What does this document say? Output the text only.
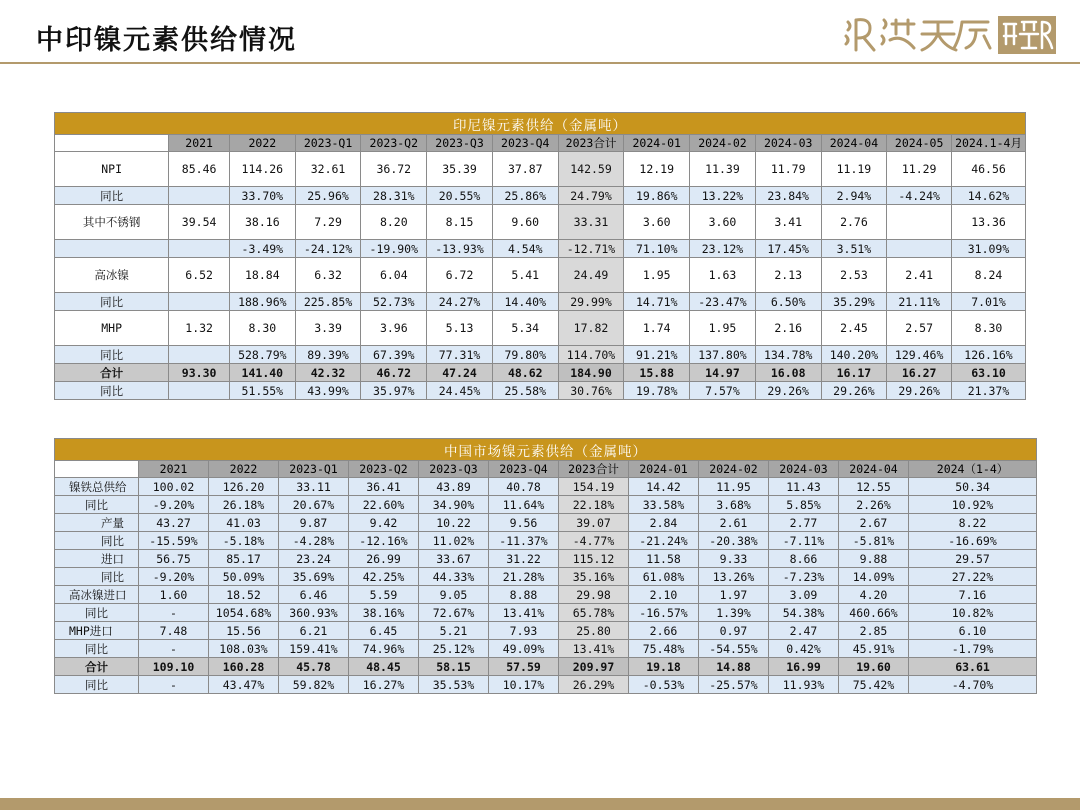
中印镍元素供给情况
印尼镍元素供给（金属吨）													
	2021	2022	2023-Q1	2023-Q2	2023-Q3	2023-Q4	2023合计	2024-01	2024-02	2024-03	2024-04	2024-05	2024.1-4月
NPI	85.46	114.26	32.61	36.72	35.39	37.87	142.59	12.19	11.39	11.79	11.19	11.29	46.56
同比		33.70%	25.96%	28.31%	20.55%	25.86%	24.79%	19.86%	13.22%	23.84%	2.94%	-4.24%	14.62%
其中不锈钢	39.54	38.16	7.29	8.20	8.15	9.60	33.31	3.60	3.60	3.41	2.76		13.36
		-3.49%	-24.12%	-19.90%	-13.93%	4.54%	-12.71%	71.10%	23.12%	17.45%	3.51%		31.09%
高冰镍	6.52	18.84	6.32	6.04	6.72	5.41	24.49	1.95	1.63	2.13	2.53	2.41	8.24
同比		188.96%	225.85%	52.73%	24.27%	14.40%	29.99%	14.71%	-23.47%	6.50%	35.29%	21.11%	7.01%
MHP	1.32	8.30	3.39	3.96	5.13	5.34	17.82	1.74	1.95	2.16	2.45	2.57	8.30
同比		528.79%	89.39%	67.39%	77.31%	79.80%	114.70%	91.21%	137.80%	134.78%	140.20%	129.46%	126.16%
合计	93.30	141.40	42.32	46.72	47.24	48.62	184.90	15.88	14.97	16.08	16.17	16.27	63.10
同比		51.55%	43.99%	35.97%	24.45%	25.58%	30.76%	19.78%	7.57%	29.26%	29.26%	29.26%	21.37%
中国市场镍元素供给（金属吨）												
	2021	2022	2023-Q1	2023-Q2	2023-Q3	2023-Q4	2023合计	2024-01	2024-02	2024-03	2024-04	2024（1-4）
镍铁总供给	100.02	126.20	33.11	36.41	43.89	40.78	154.19	14.42	11.95	11.43	12.55	50.34
同比	-9.20%	26.18%	20.67%	22.60%	34.90%	11.64%	22.18%	33.58%	3.68%	5.85%	2.26%	10.92%
产量	43.27	41.03	9.87	9.42	10.22	9.56	39.07	2.84	2.61	2.77	2.67	8.22
同比	-15.59%	-5.18%	-4.28%	-12.16%	11.02%	-11.37%	-4.77%	-21.24%	-20.38%	-7.11%	-5.81%	-16.69%
进口	56.75	85.17	23.24	26.99	33.67	31.22	115.12	11.58	9.33	8.66	9.88	29.57
同比	-9.20%	50.09%	35.69%	42.25%	44.33%	21.28%	35.16%	61.08%	13.26%	-7.23%	14.09%	27.22%
高冰镍进口	1.60	18.52	6.46	5.59	9.05	8.88	29.98	2.10	1.97	3.09	4.20	7.16
同比	-	1054.68%	360.93%	38.16%	72.67%	13.41%	65.78%	-16.57%	1.39%	54.38%	460.66%	10.82%
MHP进口	7.48	15.56	6.21	6.45	5.21	7.93	25.80	2.66	0.97	2.47	2.85	6.10
同比	-	108.03%	159.41%	74.96%	25.12%	49.09%	13.41%	75.48%	-54.55%	0.42%	45.91%	-1.79%
合计	109.10	160.28	45.78	48.45	58.15	57.59	209.97	19.18	14.88	16.99	19.60	63.61
同比	-	43.47%	59.82%	16.27%	35.53%	10.17%	26.29%	-0.53%	-25.57%	11.93%	75.42%	-4.70%
